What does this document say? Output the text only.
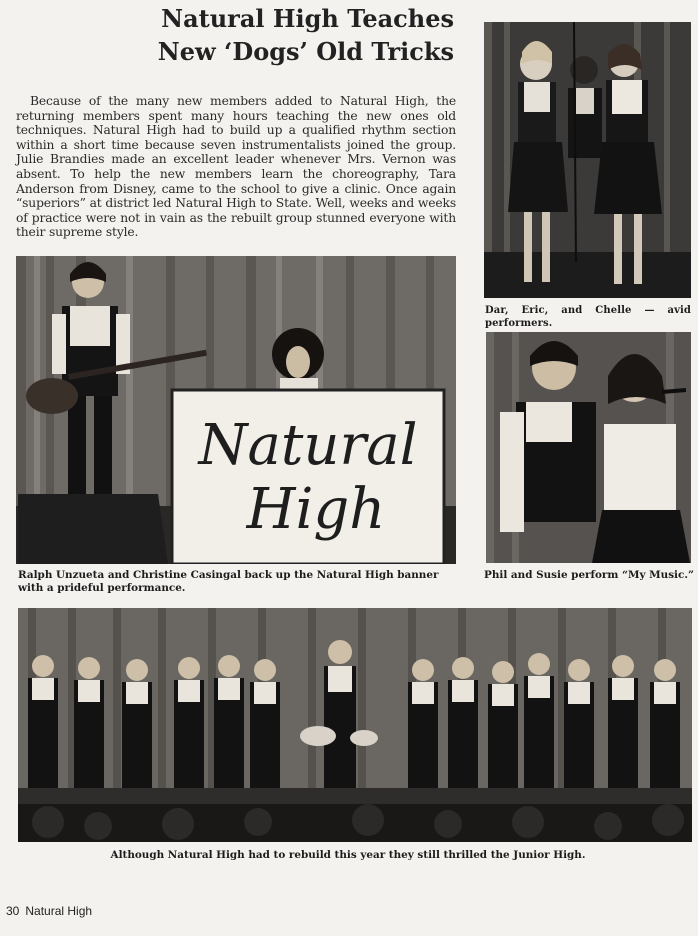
Natural High Teaches
New ‘Dogs’ Old Tricks

Because of the many new members added to Natural High, the returning members spent many hours teaching the new ones old techniques. Natural High had to build up a qualified rhythm section within a short time because seven instrumentalists joined the group. Julie Brandies made an excellent leader whenever Mrs. Vernon was absent. To help the new members learn the choreography, Tara Anderson from Disney, came to the school to give a clinic. Once again “superiors” at district led Natural High to State. Well, weeks and weeks of practice were not in vain as the rebuilt group stunned everyone with their supreme style.

Dar, Eric, and Chelle — avid performers.

Natural
High

Ralph Unzueta and Christine Casingal back up the Natural High banner with a prideful performance.

Phil and Susie perform “My Music.”

Although Natural High had to rebuild this year they still thrilled the Junior High.

30 Natural High
